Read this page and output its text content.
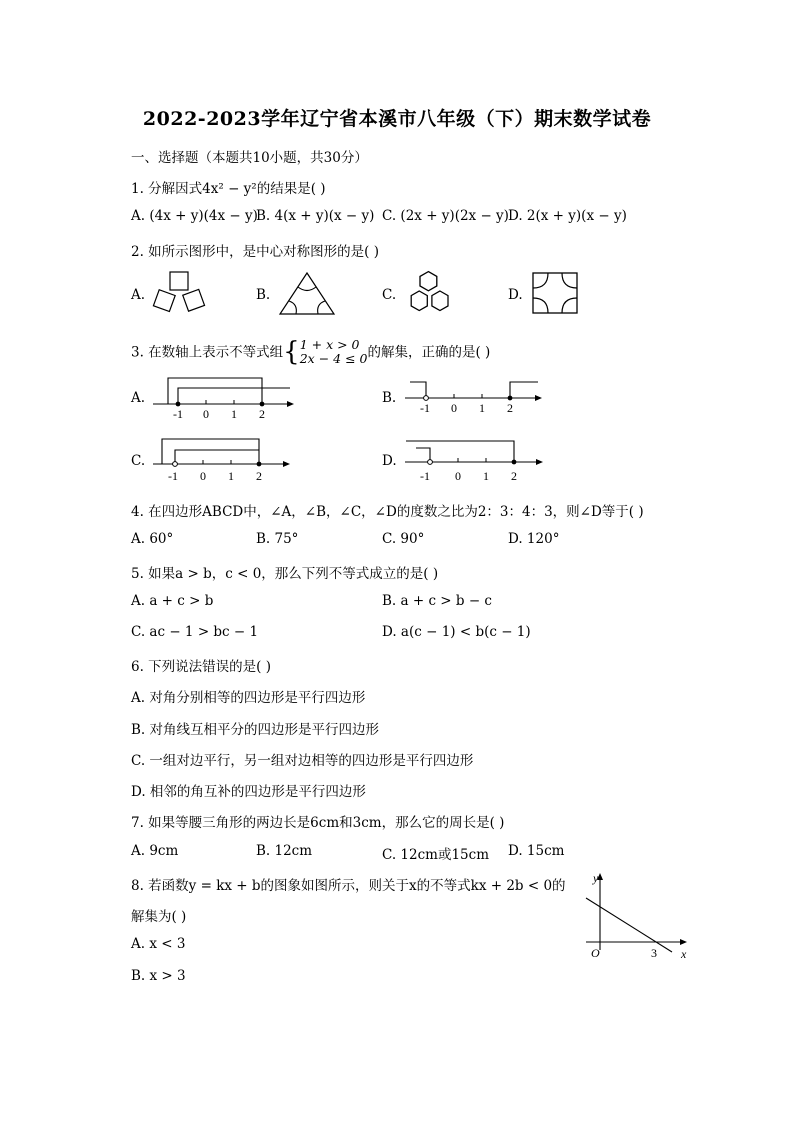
2022-2023学年辽宁省本溪市八年级（下）期末数学试卷
一、选择题（本题共10小题，共30分）
1. 分解因式4x² − y²的结果是( )
A. (4x + y)(4x − y)
B. 4(x + y)(x − y) C. (2x + y)(2x − y) D. 2(x + y)(x − y)
2. 如所示图形中，是中心对称图形的是( )
A.	B.	C.	D.
3. 在数轴上表示不等式组{ 1 + x > 0
2x − 4 ≤ 0 的解集，正确的是( )
A.	B.
C.	D.
-1 0 1 2	-1 0 1 2
-1 0 1 2	-1 0 1 2
4. 在四边形ABCD中，∠A，∠B，∠C，∠D的度数之比为2：3：4：3，则∠D等于( )
A. 60°	B. 75°	C. 90°	D. 120°
5. 如果a > b，c < 0，那么下列不等式成立的是( )
A. a + c > b	B. a + c > b − c
C. ac − 1 > bc − 1	D. a(c − 1) < b(c − 1)
6. 下列说法错误的是( )
A. 对角分别相等的四边形是平行四边形
B. 对角线互相平分的四边形是平行四边形
C. 一组对边平行，另一组对边相等的四边形是平行四边形
D. 相邻的角互补的四边形是平行四边形
7. 如果等腰三角形的两边长是6cm和3cm，那么它的周长是( )
A. 9cm	B. 12cm	C. 12cm或15cm D. 15cm
8. 若函数y = kx + b的图象如图所示，则关于x的不等式kx + 2b < 0的
解集为( )
A. x < 3
B. x > 3
y
x
O	3
